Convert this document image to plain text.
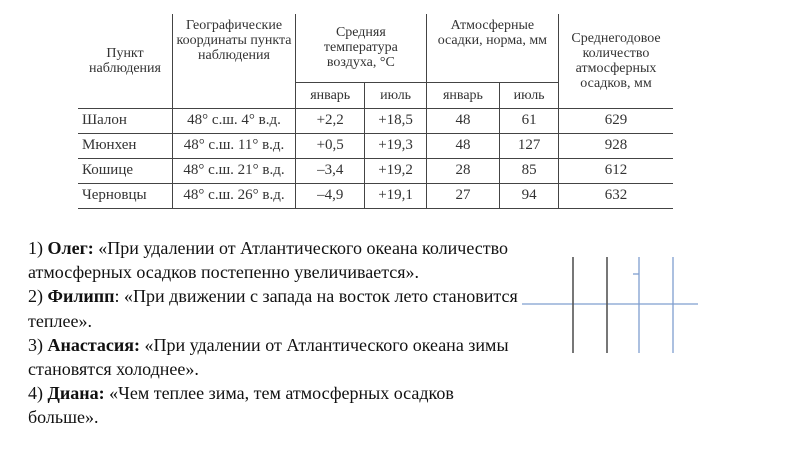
Пункт наблюдения	Географические координаты пункта наблюдения	Средняя температура воздуха, °C		Атмосферные осадки, норма, мм		Среднегодовое количество атмосферных осадков, мм
		январь	июль	январь	июль	
Шалон	48° с.ш. 4° в.д.	+2,2	+18,5	48	61	629
Мюнхен	48° с.ш. 11° в.д.	+0,5	+19,3	48	127	928
Кошице	48° с.ш. 21° в.д.	–3,4	+19,2	28	85	612
Черновцы	48° с.ш. 26° в.д.	–4,9	+19,1	27	94	632

1) Олег: «При удалении от Атлантического океана количество атмосферных осадков постепенно увеличивается».

2) Филипп: «При движении с запада на восток лето становится теплее».

3) Анастасия: «При удалении от Атлантического океана зимы становятся холоднее».

4) Диана: «Чем теплее зима, тем атмосферных осадков больше».
